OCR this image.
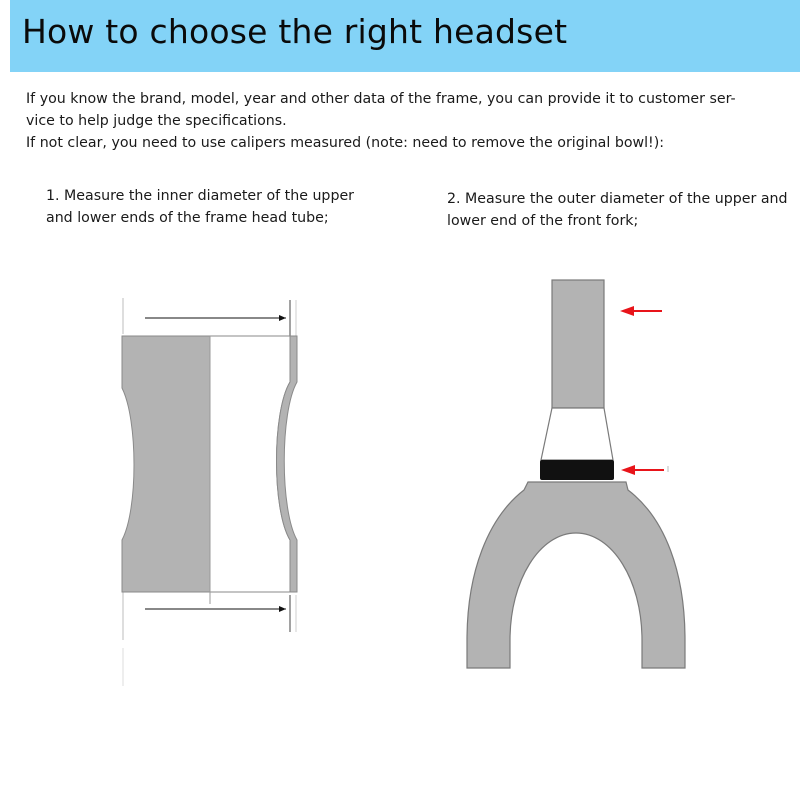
How to choose the right headset

If you know the brand, model, year and other data of the frame, you can provide it to customer ser-

vice to help judge the specifications.

If not clear, you need to use calipers measured (note: need to remove the original bowl!):

1. Measure the inner diameter of the upper and lower ends of the frame head tube;
2. Measure the outer diameter of the upper and lower end of the front fork;
